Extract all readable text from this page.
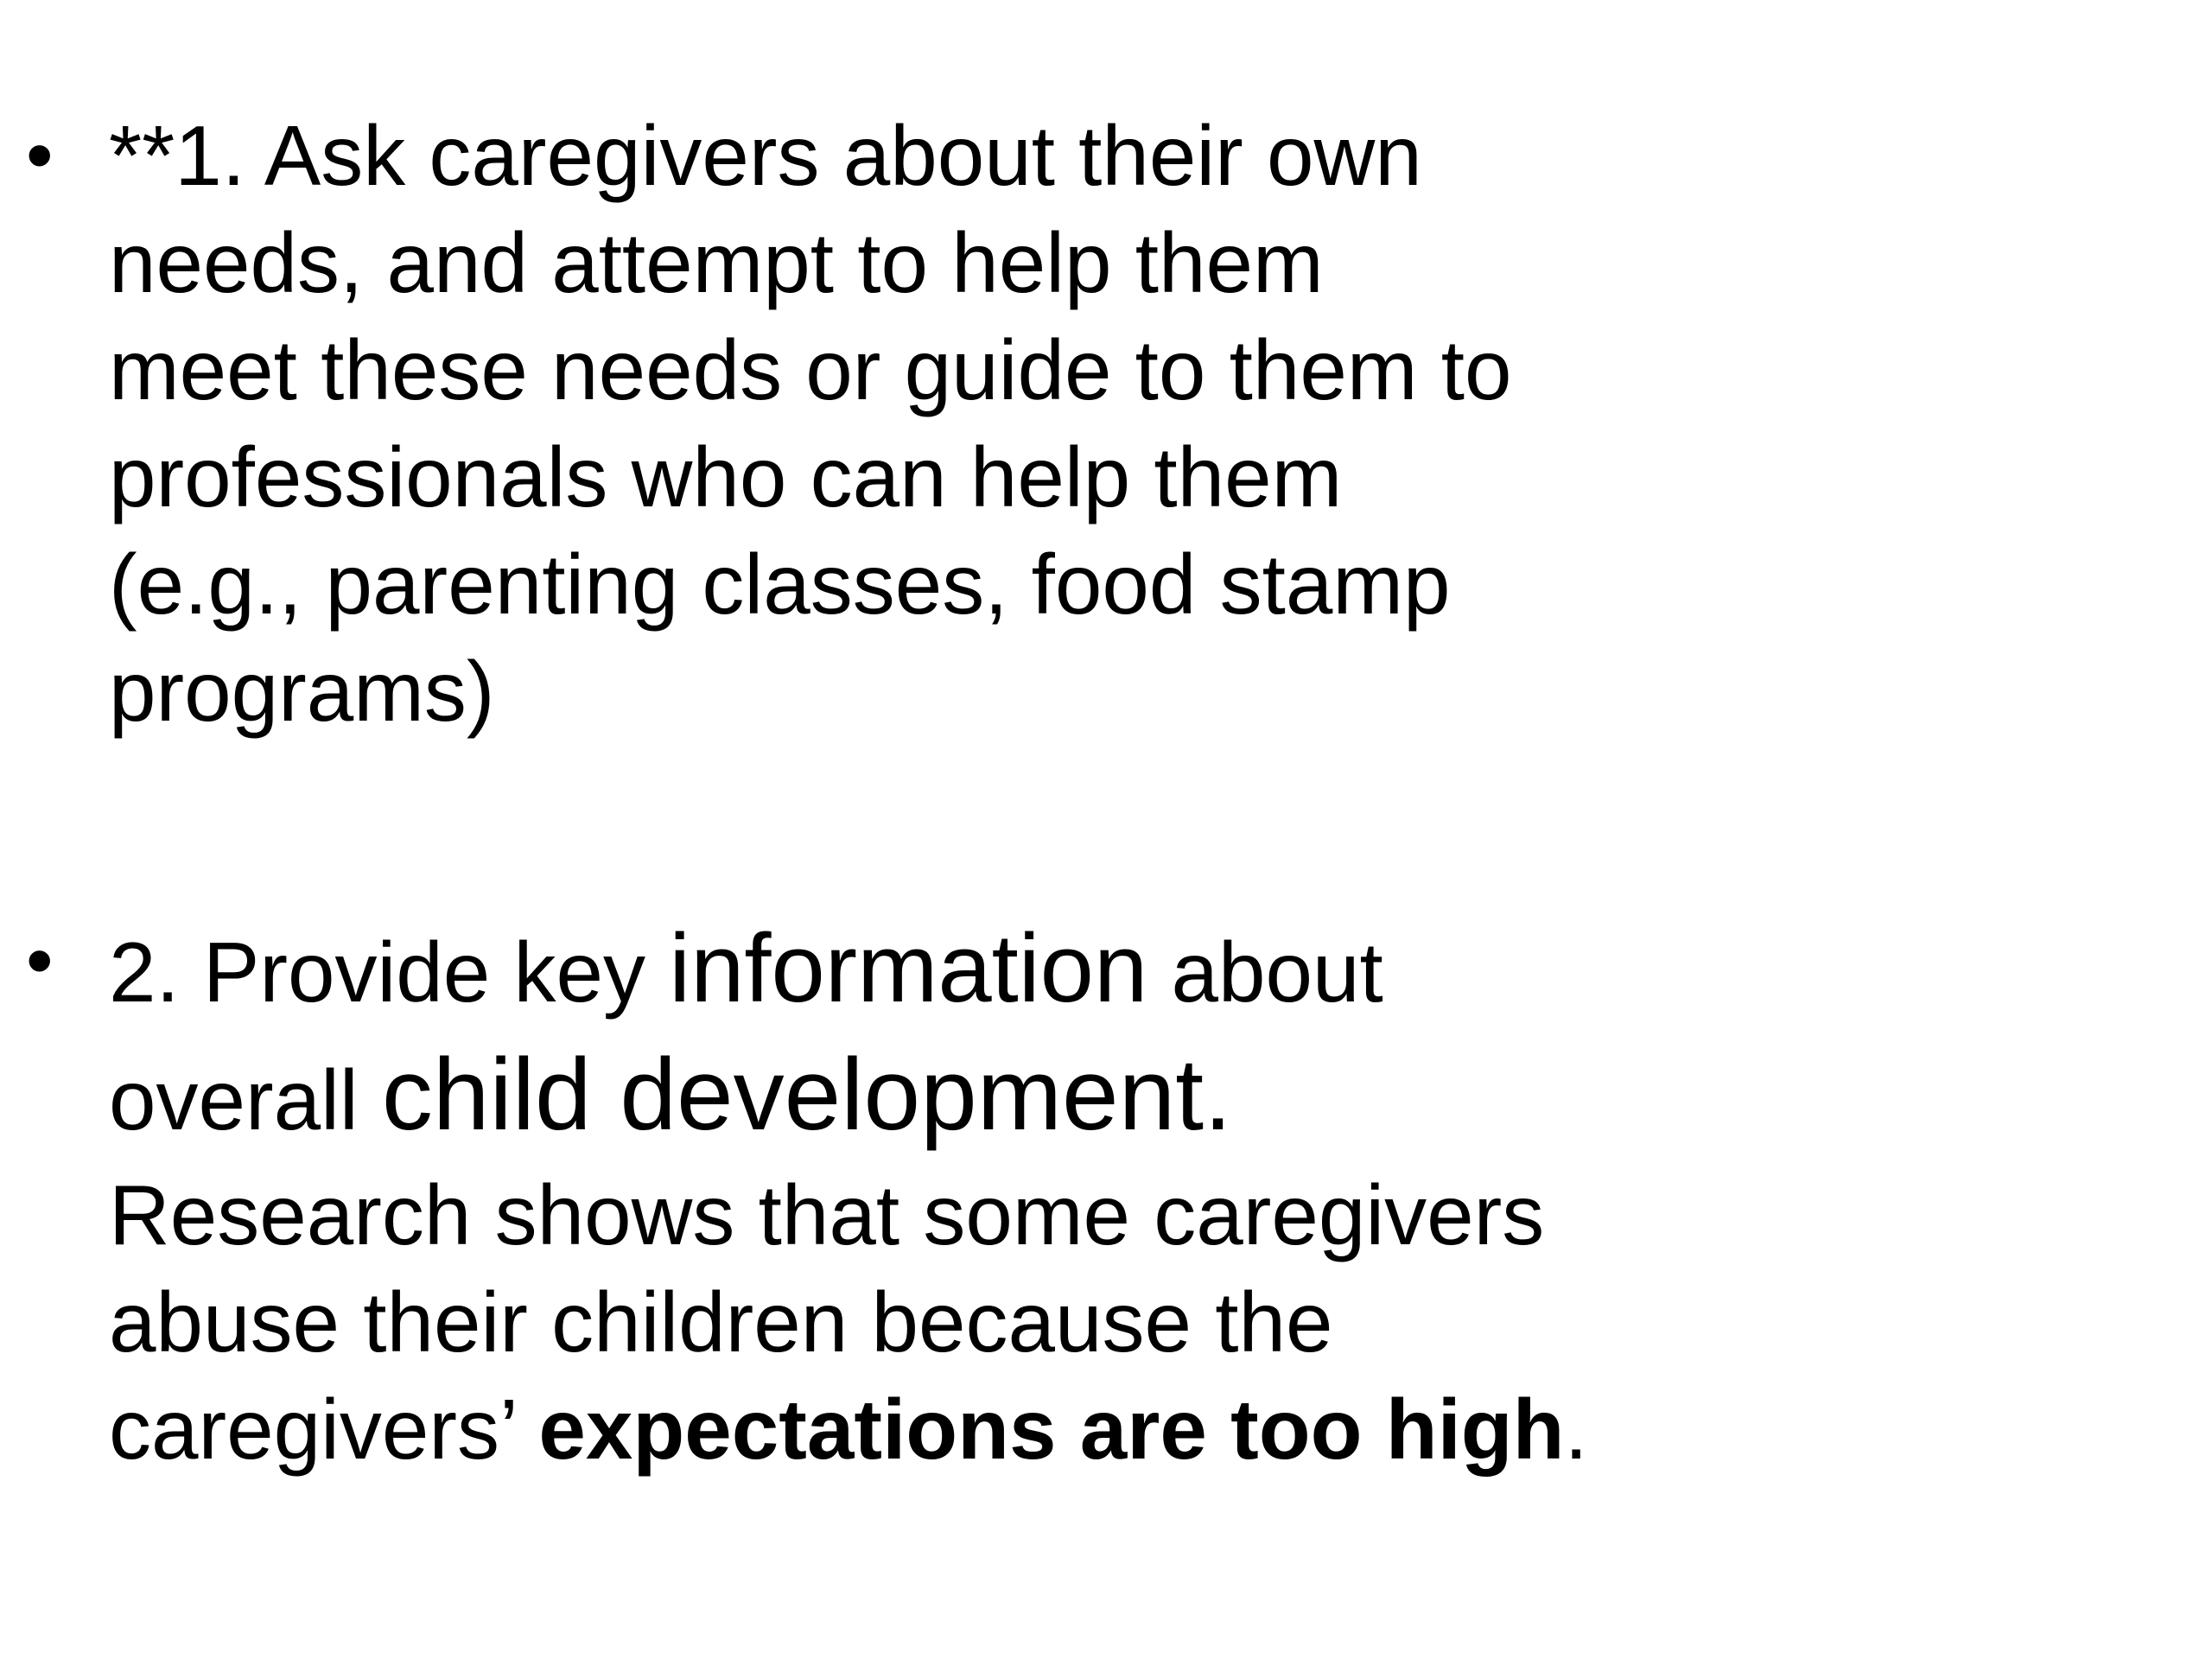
• **1. Ask caregivers about their own
needs, and attempt to help them
meet these needs or guide to them to
professionals who can help them
(e.g., parenting classes, food stamp
programs)
• 2. Provide key information about
overall child development.
Research shows that some caregivers
abuse their children because the
caregivers’ expectations are too high.
